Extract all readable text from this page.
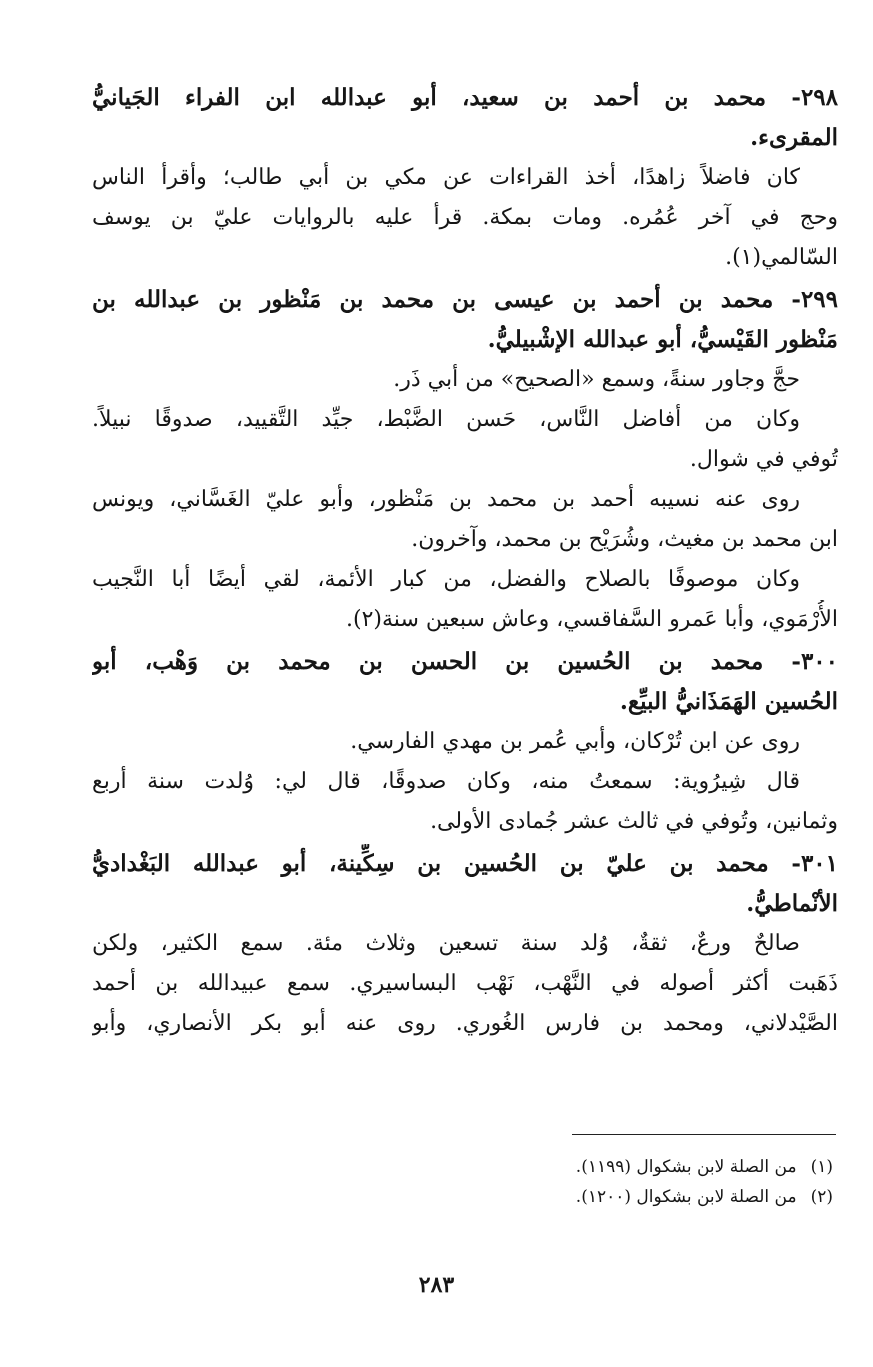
٢٩٨- محمد بن أحمد بن سعيد، أبو عبدالله ابن الفراء الجَيانيُّ
المقرىء.
كان فاضلاً زاهدًا، أخذ القراءات عن مكي بن أبي طالب؛ وأقرأ الناس
وحج في آخر عُمُره. ومات بمكة. قرأ عليه بالروايات عليّ بن يوسف
السّالمي(١).
٢٩٩- محمد بن أحمد بن عيسى بن محمد بن مَنْظور بن عبدالله بن
مَنْظور القَيْسيُّ، أبو عبدالله الإشْبيليُّ.
حجَّ وجاور سنةً، وسمع «الصحيح» من أبي ذَر.
وكان من أفاضل النَّاس، حَسن الضَّبْط، جيِّد التَّقييد، صدوقًا نبيلاً.
تُوفي في شوال.
روى عنه نسيبه أحمد بن محمد بن مَنْظور، وأبو عليّ الغَسَّاني، ويونس
ابن محمد بن مغيث، وشُرَيْح بن محمد، وآخرون.
وكان موصوفًا بالصلاح والفضل، من كبار الأئمة، لقي أيضًا أبا النَّجيب
الأُرْمَوي، وأبا عَمرو السَّفاقسي، وعاش سبعين سنة(٢).
٣٠٠- محمد بن الحُسين بن الحسن بن محمد بن وَهْب، أبو
الحُسين الهَمَذَانيُّ البيِّع.
روى عن ابن تُرْكان، وأبي عُمر بن مهدي الفارسي.
قال شِيرُوية: سمعتُ منه، وكان صدوقًا، قال لي: وُلدت سنة أربع
وثمانين، وتُوفي في ثالث عشر جُمادى الأولى.
٣٠١- محمد بن عليّ بن الحُسين بن سِكِّينة، أبو عبدالله البَغْداديُّ
الأنْماطيُّ.
صالحٌ ورعٌ، ثقةٌ، وُلد سنة تسعين وثلاث مئة. سمع الكثير، ولكن
ذَهَبت أكثر أصوله في النَّهْب، نَهْب البساسيري. سمع عبيدالله بن أحمد
الصَّيْدلاني، ومحمد بن فارس الغُوري. روى عنه أبو بكر الأنصاري، وأبو
(١)من الصلة لابن بشكوال (١١٩٩).
(٢)من الصلة لابن بشكوال (١٢٠٠).
٢٨٣
